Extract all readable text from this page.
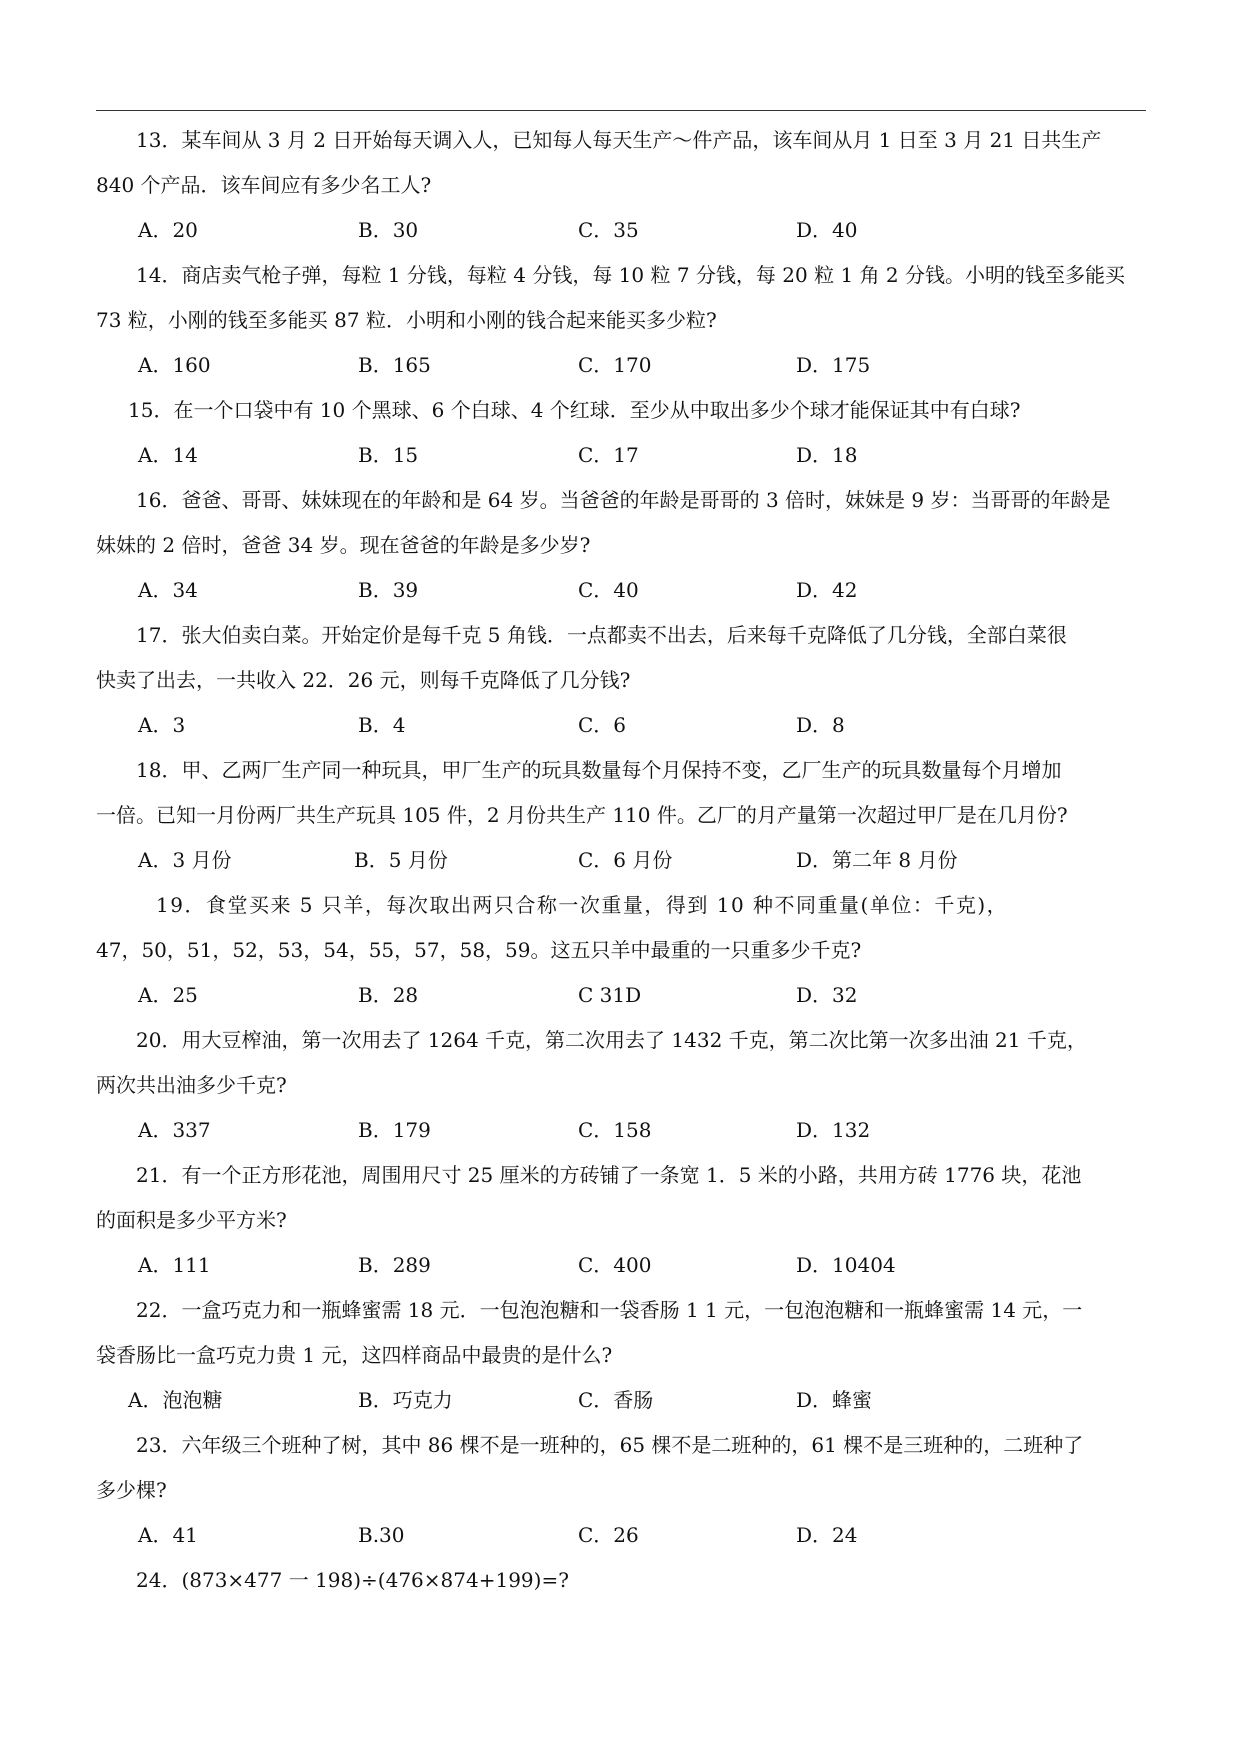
13．某车间从 3 月 2 日开始每天调入人，已知每人每天生产～件产品，该车间从月 1 日至 3 月 21 日共生产
840 个产品．该车间应有多少名工人?
A．20	B．30	C．35	D．40
14．商店卖气枪子弹，每粒 1 分钱，每粒 4 分钱，每 10 粒 7 分钱，每 20 粒 1 角 2 分钱。小明的钱至多能买
73 粒，小刚的钱至多能买 87 粒．小明和小刚的钱合起来能买多少粒?
A．160	B．165	C．170	D．175
15．在一个口袋中有 10 个黑球、6 个白球、4 个红球．至少从中取出多少个球才能保证其中有白球?
A．14	B．15	C．17	D．18
16．爸爸、哥哥、妹妹现在的年龄和是 64 岁。当爸爸的年龄是哥哥的 3 倍时，妹妹是 9 岁：当哥哥的年龄是
妹妹的 2 倍时，爸爸 34 岁。现在爸爸的年龄是多少岁?
A．34	B．39	C．40	D．42
17．张大伯卖白菜。开始定价是每千克 5 角钱．一点都卖不出去，后来每千克降低了几分钱，全部白菜很
快卖了出去，一共收入 22．26 元，则每千克降低了几分钱?
A．3	B．4	C．6	D．8
18．甲、乙两厂生产同一种玩具，甲厂生产的玩具数量每个月保持不变，乙厂生产的玩具数量每个月增加
一倍。已知一月份两厂共生产玩具 105 件，2 月份共生产 110 件。乙厂的月产量第一次超过甲厂是在几月份?
A．3 月份	B．5 月份	C．6 月份	D．第二年 8 月份
19．食堂买来 5 只羊，每次取出两只合称一次重量，得到 10 种不同重量(单位：千克)，
47，50，51，52，53，54，55，57，58，59。这五只羊中最重的一只重多少千克?
A．25	B．28	C 31D	D．32
20．用大豆榨油，第一次用去了 1264 千克，第二次用去了 1432 千克，第二次比第一次多出油 21 千克，
两次共出油多少千克?
A．337	B．179	C．158	D．132
21．有一个正方形花池，周围用尺寸 25 厘米的方砖铺了一条宽 1．5 米的小路，共用方砖 1776 块，花池
的面积是多少平方米?
A．111	B．289	C．400	D．10404
22．一盒巧克力和一瓶蜂蜜需 18 元．一包泡泡糖和一袋香肠 1 1 元，一包泡泡糖和一瓶蜂蜜需 14 元，一
袋香肠比一盒巧克力贵 1 元，这四样商品中最贵的是什么?
A．泡泡糖	B．巧克力	C．香肠	D．蜂蜜
23．六年级三个班种了树，其中 86 棵不是一班种的，65 棵不是二班种的，61 棵不是三班种的，二班种了
多少棵?
A．41	B.30	C．26	D．24
24．(873×477 一 198)÷(476×874+199)=?
